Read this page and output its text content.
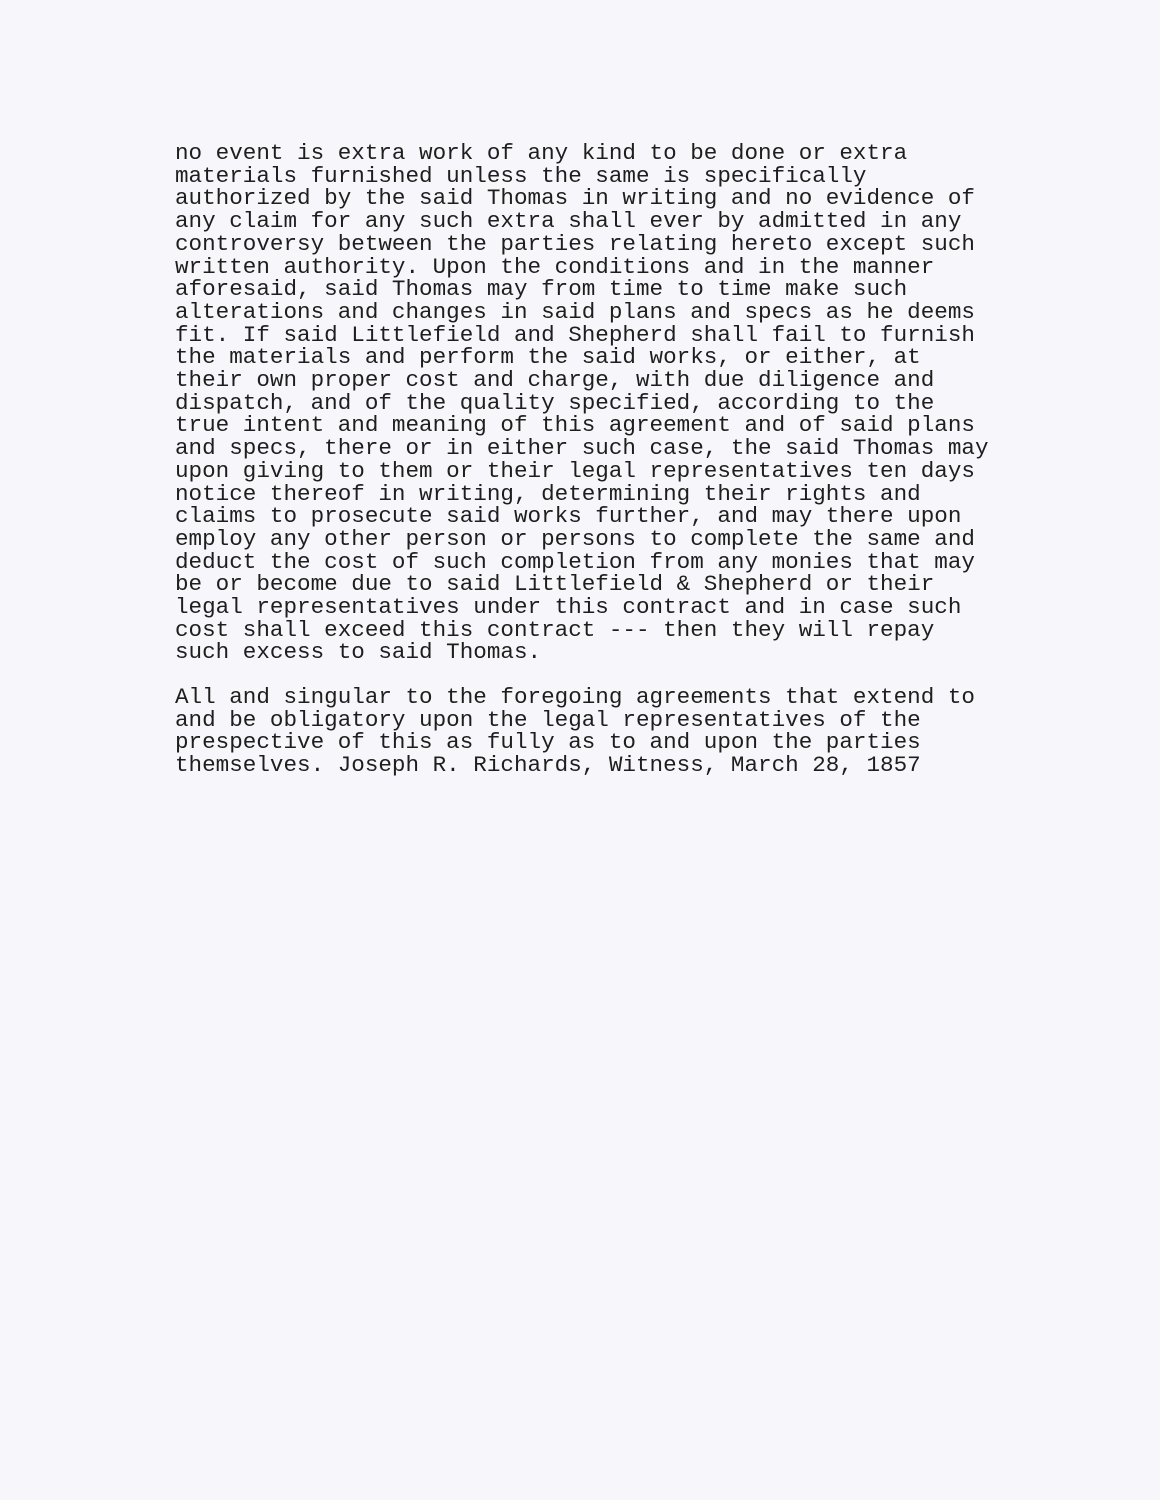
no event is extra work of any kind to be done or extra
materials furnished unless the same is specifically
authorized by the said Thomas in writing and no evidence of
any claim for any such extra shall ever by admitted in any
controversy between the parties relating hereto except such
written authority. Upon the conditions and in the manner
aforesaid, said Thomas may from time to time make such
alterations and changes in said plans and specs as he deems
fit. If said Littlefield and Shepherd shall fail to furnish
the materials and perform the said works, or either, at
their own proper cost and charge, with due diligence and
dispatch, and of the quality specified, according to the
true intent and meaning of this agreement and of said plans
and specs, there or in either such case, the said Thomas may
upon giving to them or their legal representatives ten days
notice thereof in writing, determining their rights and
claims to prosecute said works further, and may there upon
employ any other person or persons to complete the same and
deduct the cost of such completion from any monies that may
be or become due to said Littlefield & Shepherd or their
legal representatives under this contract and in case such
cost shall exceed this contract --- then they will repay
such excess to said Thomas.

All and singular to the foregoing agreements that extend to
and be obligatory upon the legal representatives of the
prespective of this as fully as to and upon the parties
themselves. Joseph R. Richards, Witness, March 28, 1857
